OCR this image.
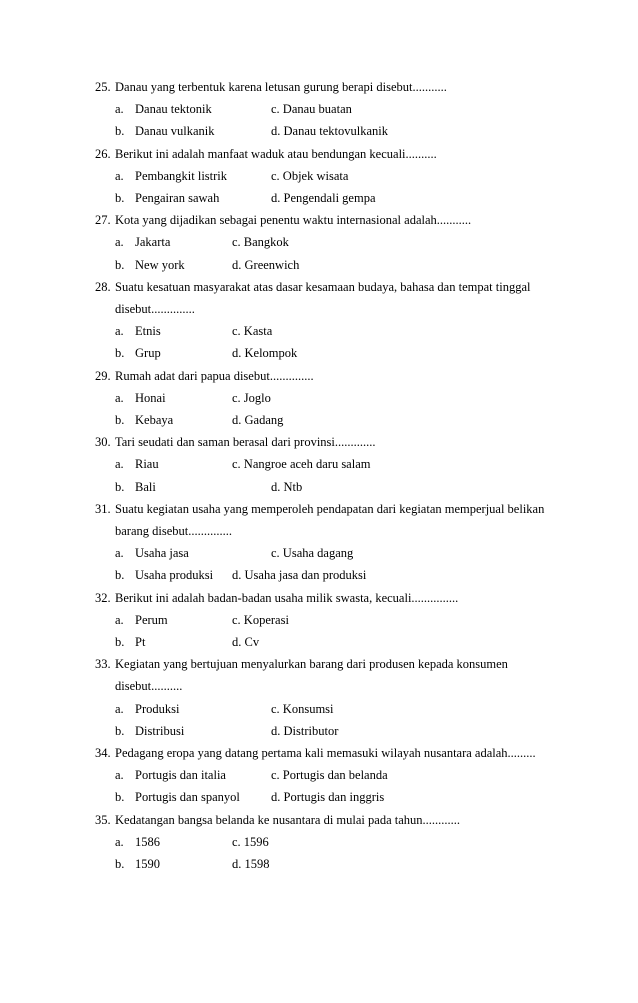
25. Danau yang terbentuk karena letusan gurung berapi disebut...........
a. Danau tektonik	c. Danau buatan
b. Danau vulkanik	d. Danau tektovulkanik
26. Berikut ini adalah manfaat waduk atau bendungan kecuali..........
a. Pembangkit listrik	c. Objek wisata
b. Pengairan sawah	d. Pengendali gempa
27. Kota yang dijadikan sebagai penentu waktu internasional adalah...........
a. Jakarta	c. Bangkok
b. New york	d. Greenwich
28. Suatu kesatuan masyarakat atas dasar kesamaan budaya, bahasa dan tempat tinggal
disebut..............
a. Etnis	c. Kasta
b. Grup	d. Kelompok
29. Rumah adat dari papua disebut..............
a. Honai	c. Joglo
b. Kebaya	d. Gadang
30. Tari seudati dan saman berasal dari provinsi.............
a. Riau	c. Nangroe aceh daru salam
b. Bali	d. Ntb
31. Suatu kegiatan usaha yang memperoleh pendapatan dari kegiatan memperjual belikan
barang disebut..............
a. Usaha jasa	c. Usaha dagang
b. Usaha produksi d. Usaha jasa dan produksi
32. Berikut ini adalah badan-badan usaha milik swasta, kecuali...............
a. Perum	c. Koperasi
b. Pt	d. Cv
33. Kegiatan yang bertujuan menyalurkan barang dari produsen kepada konsumen
disebut..........
a. Produksi	c. Konsumsi
b. Distribusi	d. Distributor
34. Pedagang eropa yang datang pertama kali memasuki wilayah nusantara adalah.........
a. Portugis dan italia	c. Portugis dan belanda
b. Portugis dan spanyol d. Portugis dan inggris
35. Kedatangan bangsa belanda ke nusantara di mulai pada tahun............
a. 1586	c. 1596
b. 1590	d. 1598
